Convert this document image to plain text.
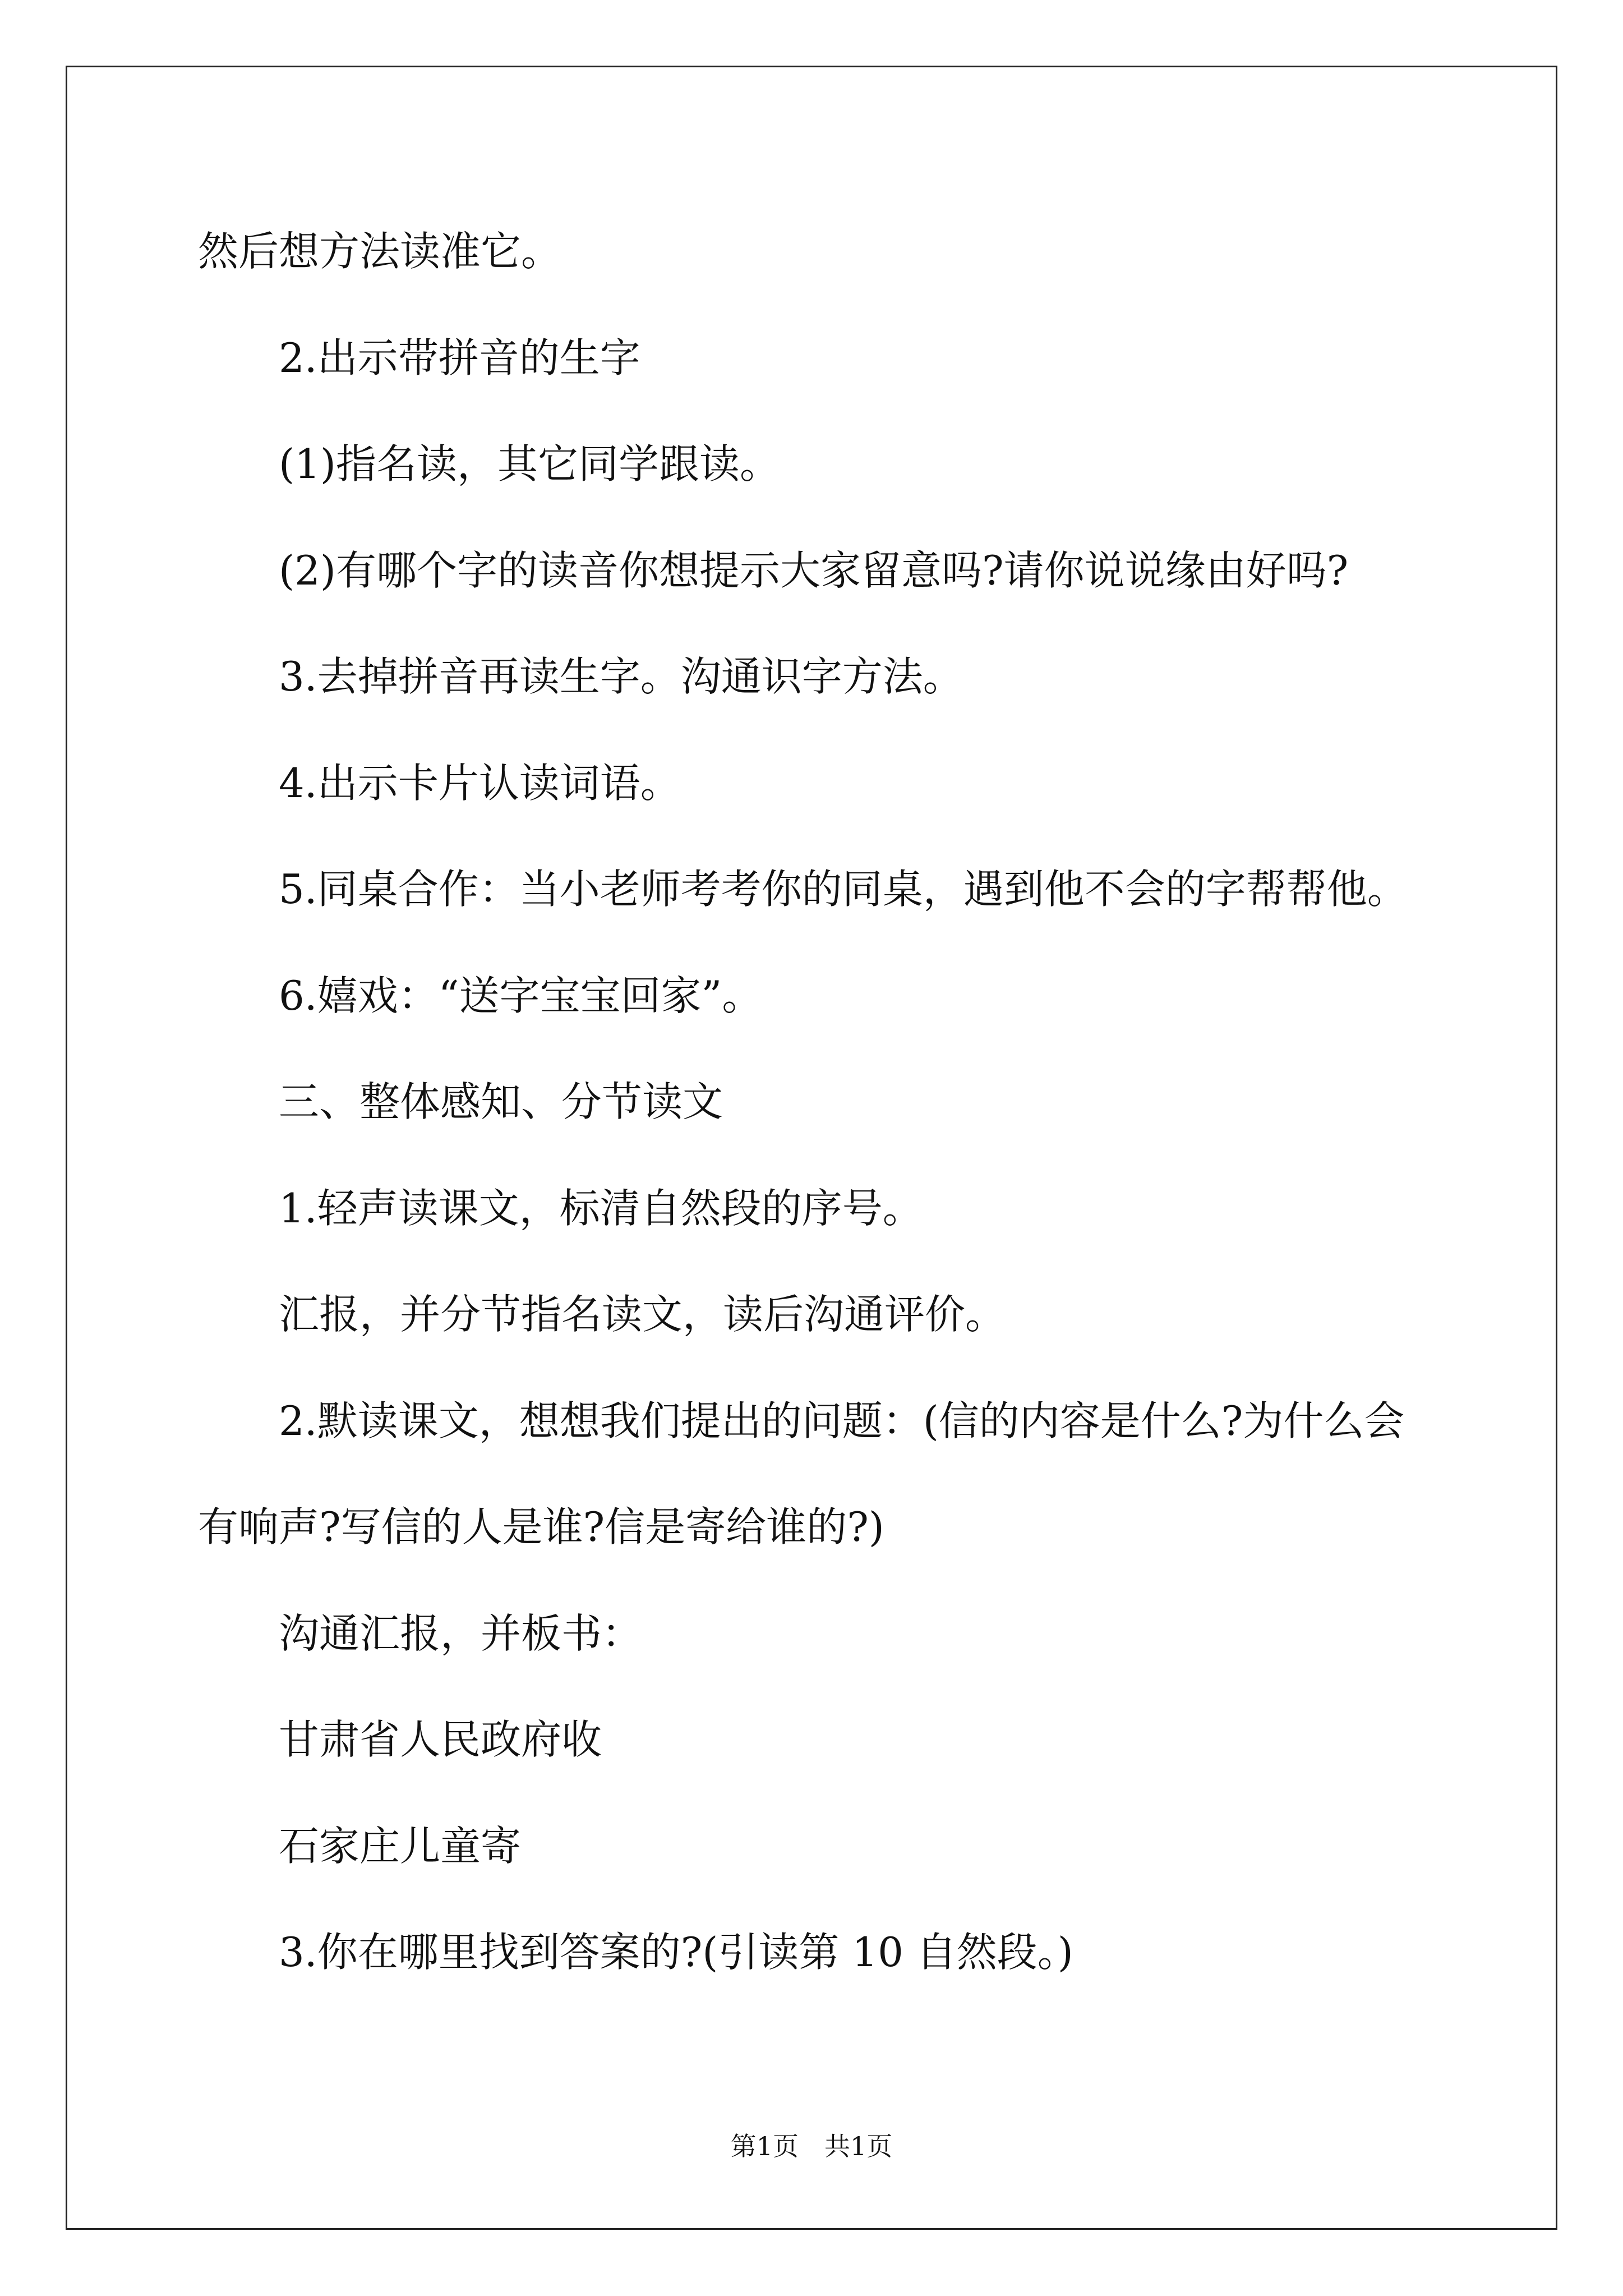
然后想方法读准它。
2.出示带拼音的生字
(1)指名读，其它同学跟读。
(2)有哪个字的读音你想提示大家留意吗?请你说说缘由好吗?
3.去掉拼音再读生字。沟通识字方法。
4.出示卡片认读词语。
5.同桌合作：当小老师考考你的同桌，遇到他不会的字帮帮他。
6.嬉戏：“送字宝宝回家”。
三、整体感知、分节读文
1.轻声读课文，标清自然段的序号。
汇报，并分节指名读文，读后沟通评价。
2.默读课文，想想我们提出的问题：(信的内容是什么?为什么会
有响声?写信的人是谁?信是寄给谁的?)
沟通汇报，并板书：
甘肃省人民政府收
石家庄儿童寄
3.你在哪里找到答案的?(引读第 10 自然段。)
第1页　共1页
